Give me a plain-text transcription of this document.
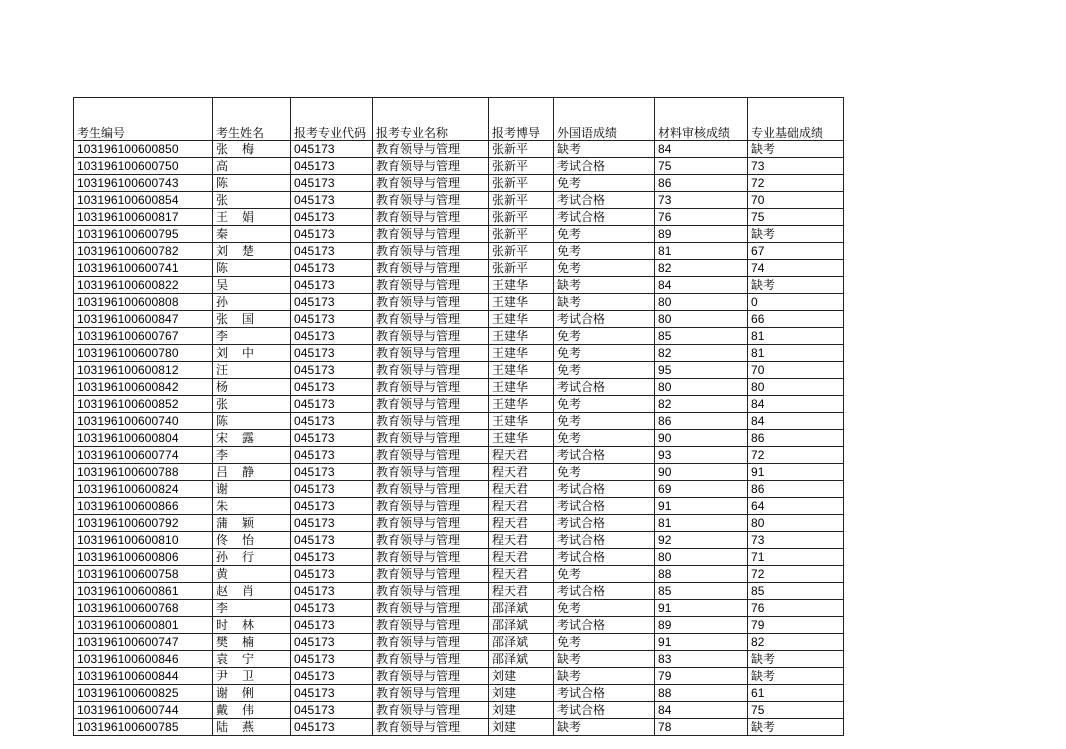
考生编号	考生姓名	报考专业代码	报考专业名称	报考博导	外国语成绩	材料审核成绩	专业基础成绩
103196100600850	张　梅	045173	教育领导与管理	张新平	缺考	84	缺考
103196100600750	高	045173	教育领导与管理	张新平	考试合格	75	73
103196100600743	陈	045173	教育领导与管理	张新平	免考	86	72
103196100600854	张	045173	教育领导与管理	张新平	考试合格	73	70
103196100600817	王　娟	045173	教育领导与管理	张新平	考试合格	76	75
103196100600795	秦	045173	教育领导与管理	张新平	免考	89	缺考
103196100600782	刘　楚	045173	教育领导与管理	张新平	免考	81	67
103196100600741	陈	045173	教育领导与管理	张新平	免考	82	74
103196100600822	吴	045173	教育领导与管理	王建华	缺考	84	缺考
103196100600808	孙	045173	教育领导与管理	王建华	缺考	80	0
103196100600847	张　国	045173	教育领导与管理	王建华	考试合格	80	66
103196100600767	李	045173	教育领导与管理	王建华	免考	85	81
103196100600780	刘　中	045173	教育领导与管理	王建华	免考	82	81
103196100600812	汪	045173	教育领导与管理	王建华	免考	95	70
103196100600842	杨	045173	教育领导与管理	王建华	考试合格	80	80
103196100600852	张	045173	教育领导与管理	王建华	免考	82	84
103196100600740	陈	045173	教育领导与管理	王建华	免考	86	84
103196100600804	宋　露	045173	教育领导与管理	王建华	免考	90	86
103196100600774	李	045173	教育领导与管理	程天君	考试合格	93	72
103196100600788	吕　静	045173	教育领导与管理	程天君	免考	90	91
103196100600824	谢	045173	教育领导与管理	程天君	考试合格	69	86
103196100600866	朱	045173	教育领导与管理	程天君	考试合格	91	64
103196100600792	蒲　颖	045173	教育领导与管理	程天君	考试合格	81	80
103196100600810	佟　怡	045173	教育领导与管理	程天君	考试合格	92	73
103196100600806	孙　行	045173	教育领导与管理	程天君	考试合格	80	71
103196100600758	黄	045173	教育领导与管理	程天君	免考	88	72
103196100600861	赵　肖	045173	教育领导与管理	程天君	考试合格	85	85
103196100600768	李	045173	教育领导与管理	邵泽斌	免考	91	76
103196100600801	时　林	045173	教育领导与管理	邵泽斌	考试合格	89	79
103196100600747	樊　楠	045173	教育领导与管理	邵泽斌	免考	91	82
103196100600846	袁　宁	045173	教育领导与管理	邵泽斌	缺考	83	缺考
103196100600844	尹　卫	045173	教育领导与管理	刘建	缺考	79	缺考
103196100600825	谢　俐	045173	教育领导与管理	刘建	考试合格	88	61
103196100600744	戴　伟	045173	教育领导与管理	刘建	考试合格	84	75
103196100600785	陆　燕	045173	教育领导与管理	刘建	缺考	78	缺考
